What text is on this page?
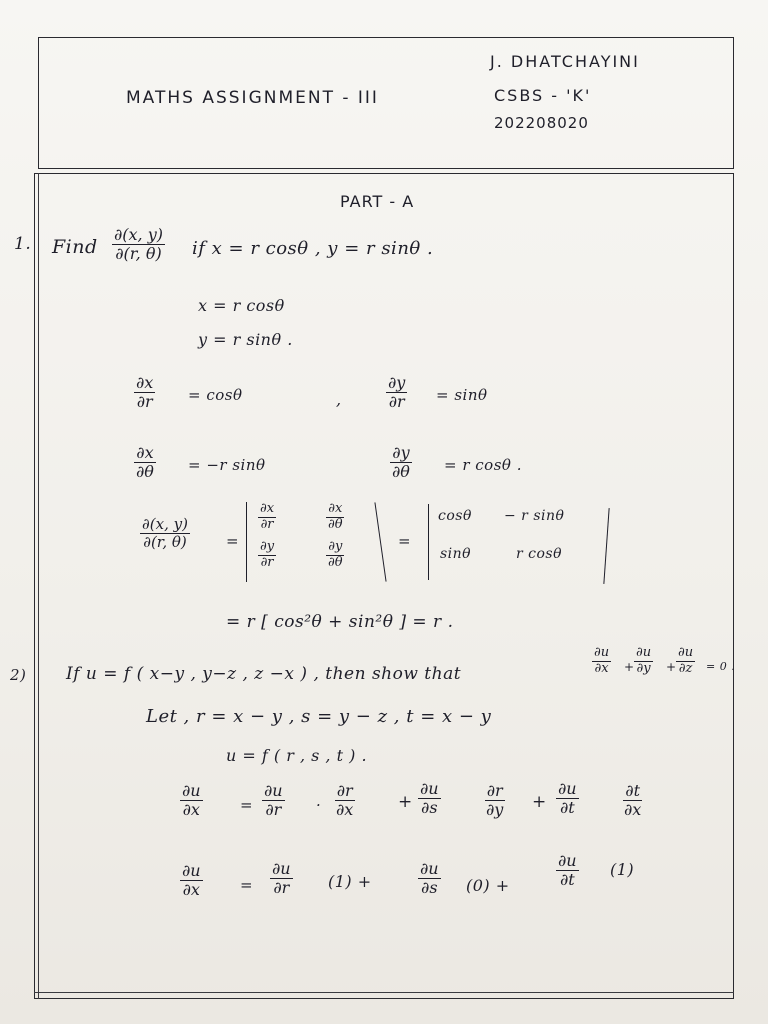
MATHS ASSIGNMENT - III
J. DHATCHAYINI
CSBS - 'K'
202208020
PART - A
1. Find $\frac{\partial(x, y)}{\partial(r, \theta)}$ if x = r cosθ , y = r sinθ .
x = r cosθ
y = r sinθ .
$\frac{\partial x}{\partial r} = \cos\theta$	,	$\frac{\partial y}{\partial r} = \sin\theta$
$\frac{\partial x}{\partial\theta} = -r$ sinθ	$\frac{\partial y}{\partial\theta} = r$ cosθ .
$\frac{\partial(x, y)}{\partial(r, \theta)}$ =
$\frac{\partial x}{\partial r}$	$\frac{\partial x}{\partial\theta}$
$\frac{\partial y}{\partial r}$	$\frac{\partial y}{\partial\theta}$	=
cosθ − r sinθ
sinθ	r cosθ
= r [ cos²θ + sin²θ ] = r .
2) If u = f ( x−y , y−z , z −x ) , then show that	$\frac{\partial u}{\partial x} + \frac{\partial u}{\partial y} + \frac{\partial u}{\partial z} = 0$ .
Let , r = x − y , s = y − z , t = x − y
u = f ( r , s , t ) .
$\frac{\partial u}{\partial x} = \frac{\partial u}{\partial r} \cdot \frac{\partial r}{\partial x}$	+ $\frac{\partial u}{\partial s}$	$\frac{\partial r}{\partial y} + \frac{\partial u}{\partial t}$	$\frac{\partial t}{\partial x}$
$\frac{\partial u}{\partial x} = \frac{\partial u}{\partial r} (1)$ +	$\frac{\partial u}{\partial s} (0)$ +	$\frac{\partial u}{\partial t} (1)$
